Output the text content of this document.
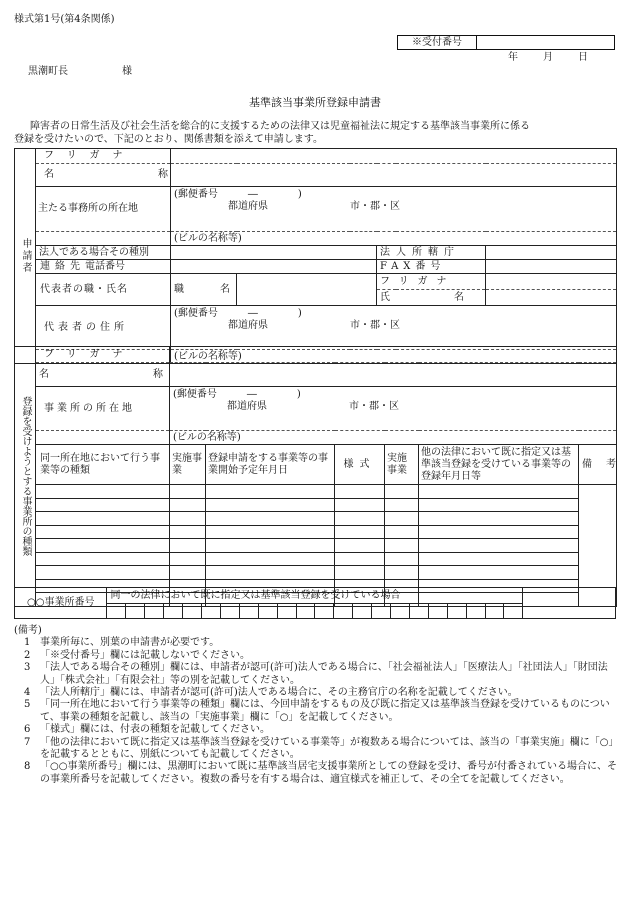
様式第1号(第4条関係)
※受付番号
年	月	日
黒潮町長	様
基準該当事業所登録申請書
障害者の日常生活及び社会生活を総合的に支援するための法律又は児童福祉法に規定する基準該当事業所に係る
登録を受けたいので、下記のとおり、関係書類を添えて申請します。
申請者	フリガナ				

	名 称				

	主たる事務所の所在地	(郵便番号　　　―　　　　)
都道府県 市・郡・区			

		(ビルの名称等)			
	法人である場合その種別			法人所轄庁	
	連絡先電話番号			FAX番号	
	代表者の職・氏名	職 名		フリガナ	

				氏 名	

	代表者の住所	(郵便番号　　　―　　　　)
都道府県 市・郡・区			

		(ビルの名称等)			
登録を受けようとする事業所の種類	フリガナ						

	名 称						

	事業所の所在地	(郵便番号　　　―　　　　)
都道府県 市・郡・区					

		(ビルの名称等)					
	同一所在地において行う事業等の種類	実施事業	登録申請をする事業等の事業開始予定年月日	様式	実施事業	他の法律において既に指定又は基準該当登録を受けている事業等の登録年月日等	備考

○○事業所番号	同一の法律において既に指定又は基準該当登録を受けている場合																						

(備考)
1 事業所毎に、別葉の申請書が必要です。
2 「※受付番号」欄には記載しないでください。
3 「法人である場合その種別」欄には、申請者が認可(許可)法人である場合に、「社会福祉法人」「医療法人」「社団法人」「財団法人」「株式会社」「有限会社」等の別を記載してください。
4 「法人所轄庁」欄には、申請者が認可(許可)法人である場合に、その主務官庁の名称を記載してください。
5 「同一所在地において行う事業等の種類」欄には、今回申請をするもの及び既に指定又は基準該当登録を受けているものについて、事業の種類を記載し、該当の「実施事業」欄に「○」を記載してください。
6 「様式」欄には、付表の種類を記載してください。
7 「他の法律において既に指定又は基準該当登録を受けている事業等」が複数ある場合については、該当の「事業実施」欄に「○」を記載するとともに、別紙についても記載してください。
8 「○○事業所番号」欄には、黒潮町において既に基準該当居宅支援事業所としての登録を受け、番号が付番されている場合に、その事業所番号を記載してください。複数の番号を有する場合は、適宜様式を補正して、その全てを記載してください。
